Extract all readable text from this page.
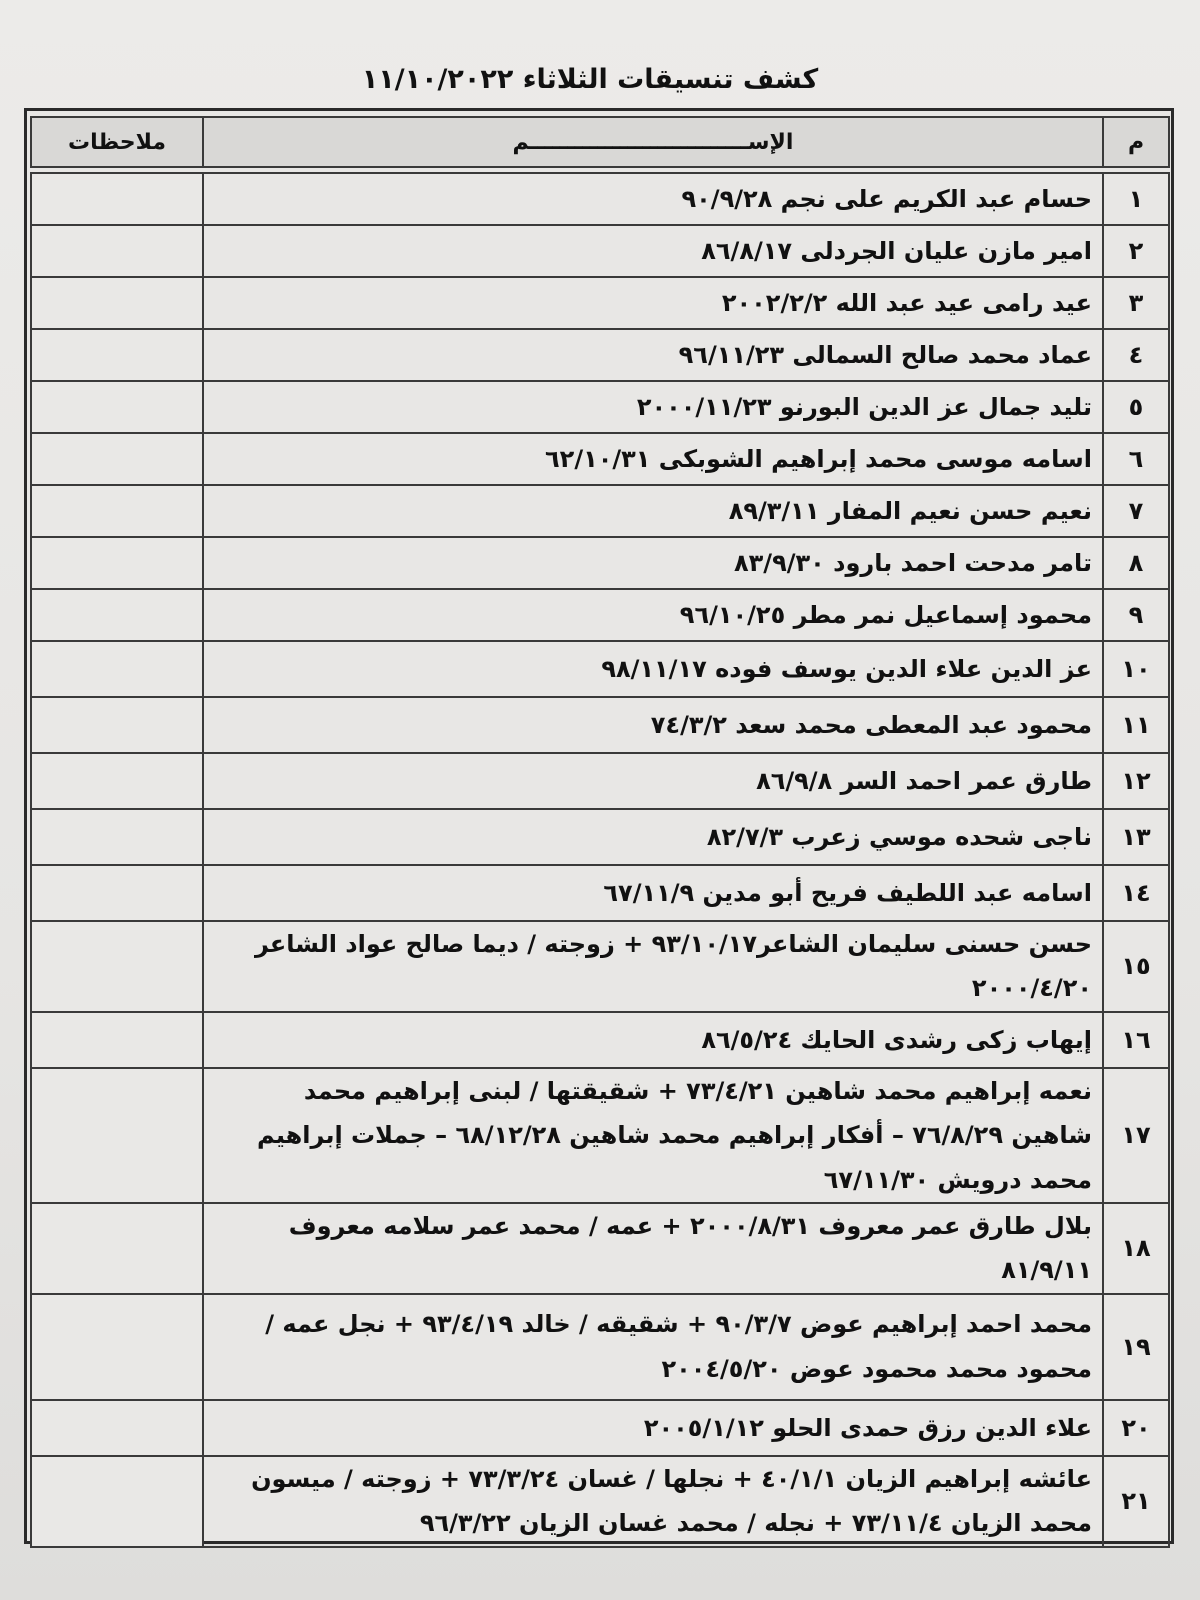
كشف تنسيقات الثلاثاء ١١/١٠/٢٠٢٢
م	الإســـــــــــــــــــــــــــــم	ملاحظات

١	حسام عبد الكريم على نجم ٩٠/٩/٢٨	
٢	امير مازن عليان الجردلى ٨٦/٨/١٧	
٣	عيد رامى عيد عبد الله ٢٠٠٢/٢/٢	
٤	عماد محمد صالح السمالى ٩٦/١١/٢٣	
٥	تليد جمال عز الدين البورنو ٢٠٠٠/١١/٢٣	
٦	اسامه موسى محمد إبراهيم الشوبكى ٦٢/١٠/٣١	
٧	نعيم حسن نعيم المفار ٨٩/٣/١١	
٨	تامر مدحت احمد بارود ٨٣/٩/٣٠	
٩	محمود إسماعيل نمر مطر ٩٦/١٠/٢٥	
١٠	عز الدين علاء الدين يوسف فوده ٩٨/١١/١٧	
١١	محمود عبد المعطى محمد سعد ٧٤/٣/٢	
١٢	طارق عمر احمد السر ٨٦/٩/٨	
١٣	ناجى شحده موسي زعرب ٨٢/٧/٣	
١٤	اسامه عبد اللطيف فريح أبو مدين ٦٧/١١/٩	
١٥	حسن حسنى سليمان الشاعر٩٣/١٠/١٧ + زوجته / ديما صالح عواد الشاعر ٢٠٠٠/٤/٢٠	
١٦	إيهاب زكى رشدى الحايك ٨٦/٥/٢٤	
١٧	نعمه إبراهيم محمد شاهين ٧٣/٤/٢١ + شقيقتها / لبنى إبراهيم محمد شاهين ٧٦/٨/٢٩ – أفكار إبراهيم محمد شاهين ٦٨/١٢/٢٨ – جملات إبراهيم محمد درويش ٦٧/١١/٣٠	
١٨	بلال طارق عمر معروف ٢٠٠٠/٨/٣١ + عمه / محمد عمر سلامه معروف ٨١/٩/١١	
١٩	محمد احمد إبراهيم عوض ٩٠/٣/٧ + شقيقه / خالد ٩٣/٤/١٩ + نجل عمه / محمود محمد محمود عوض ٢٠٠٤/٥/٢٠	
٢٠	علاء الدين رزق حمدى الحلو ٢٠٠٥/١/١٢	
٢١	عائشه إبراهيم الزيان ٤٠/١/١ + نجلها / غسان ٧٣/٣/٢٤ + زوجته / ميسون محمد الزيان ٧٣/١١/٤ + نجله / محمد غسان الزيان ٩٦/٣/٢٢	
